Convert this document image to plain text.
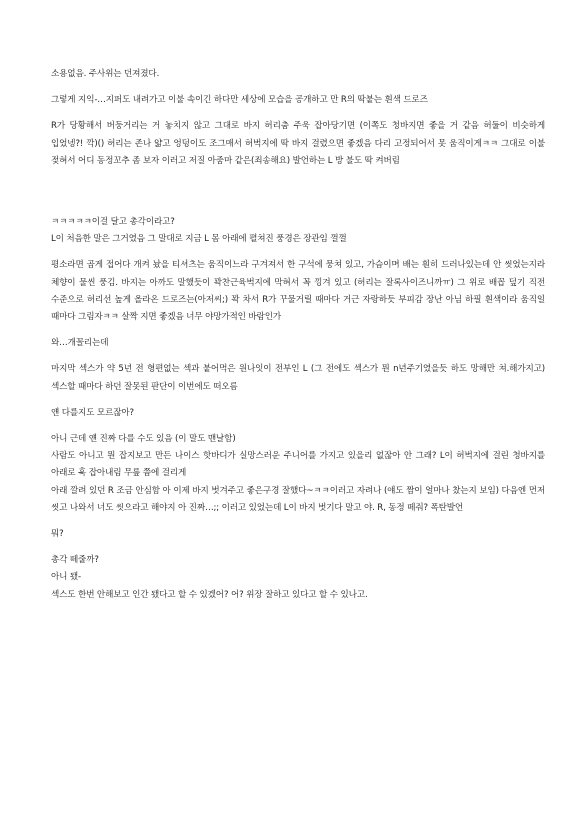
소용없음. 주사위는 던져졌다.

그렇게 지익-…지퍼도 내려가고 이불 속이긴 하다만 세상에 모습을 공개하고 만 R의 딱붙는 흰색 드로즈

R가 당황해서 버둥거리는 거 놓치지 않고 그대로 바지 허리춤 주욱 잡아당기면 (이쪽도 청바지면 좋을 거 같음 허둘이 비슷하게 입었넹?! 깍)() 허리는 존나 얇고 엉덩이도 조그매서 허벅지에 딱 바지 걸렸으면 좋겠음 다리 고정되어서 못 움직이게ㅋㅋ 그대로 이불 젖혀서 어디 동정꼬추 좀 보자 이러고 저질 아줌마 같은(죄송해요) 발언하는 L 방 불도 딱 켜버림

ㅋㅋㅋㅋㅋ이걸 달고 총각이라고?

L이 처음한 말은 그거였음 그 말대로 지금 L 몸 아래에 펼쳐진 풍경은 장관임 껄껄

평소라면 곱게 접어다 개켜 놨을 티셔츠는 움직이느라 구겨져서 한 구석에 뭉쳐 있고, 가슴이며 배는 훤히 드러나있는데 안 씻었는지라 체향이 물씬 풍김. 바지는 아까도 말했듯이 꽉찬근육벅지에 막혀서 꼭 낑겨 있고 (허리는 잘록사이즈니까ㅠ) 그 위로 배꼽 덮기 직전 수준으로 허리선 높게 올라온 드로즈는(아저씨;) 꽉 차서 R가 꾸물거릴 때마다 거근 자랑하듯 부피감 장난 아님 하필 흰색이라 움직일 때마다 그림자ㅋㅋ 살짝 지면 좋겠음 너무 야망가적인 바람인가

와…개꼴리는데

마지막 섹스가 약 5년 전 형편없는 섹과 붙어먹은 원나잇이 전부인 L (그 전에도 섹스가 뭔 n년주기였을듯 하도 망해만 쳐.해가지고) 섹스할 때마다 하던 잘못된 판단이 이번에도 떠오름

얜 다를지도 모르잖아?

아니 근데 얜 진짜 다를 수도 있음 (이 말도 맨날함)

사람도 아니고 뭔 잡지보고 만든 나이스 핫바디가 실망스러운 주니어를 가지고 있을리 없잖아 안 그래? L이 허벅지에 걸린 청바지를 아래로 훅 잡아내림 무릎 쯤에 걸리게

아래 깔려 있던 R 조금 안심함 아 이제 바지 벗겨주고 좋은구경 잘했다~ㅋㅋ이러고 자려나 (얘도 짬이 얼마나 찼는지 보임) 다음엔 먼저 씻고 나와서 너도 씻으라고 해야지 아 진짜…;; 이러고 있었는데 L이 바지 벗기다 말고 야. R, 동정 떼줘? 폭탄발언

뭐?

총각 떼줄까?

아니 됐-

섹스도 한번 안해보고 인간 됐다고 할 수 있겠어? 어? 위장 잘하고 있다고 할 수 있나고.
